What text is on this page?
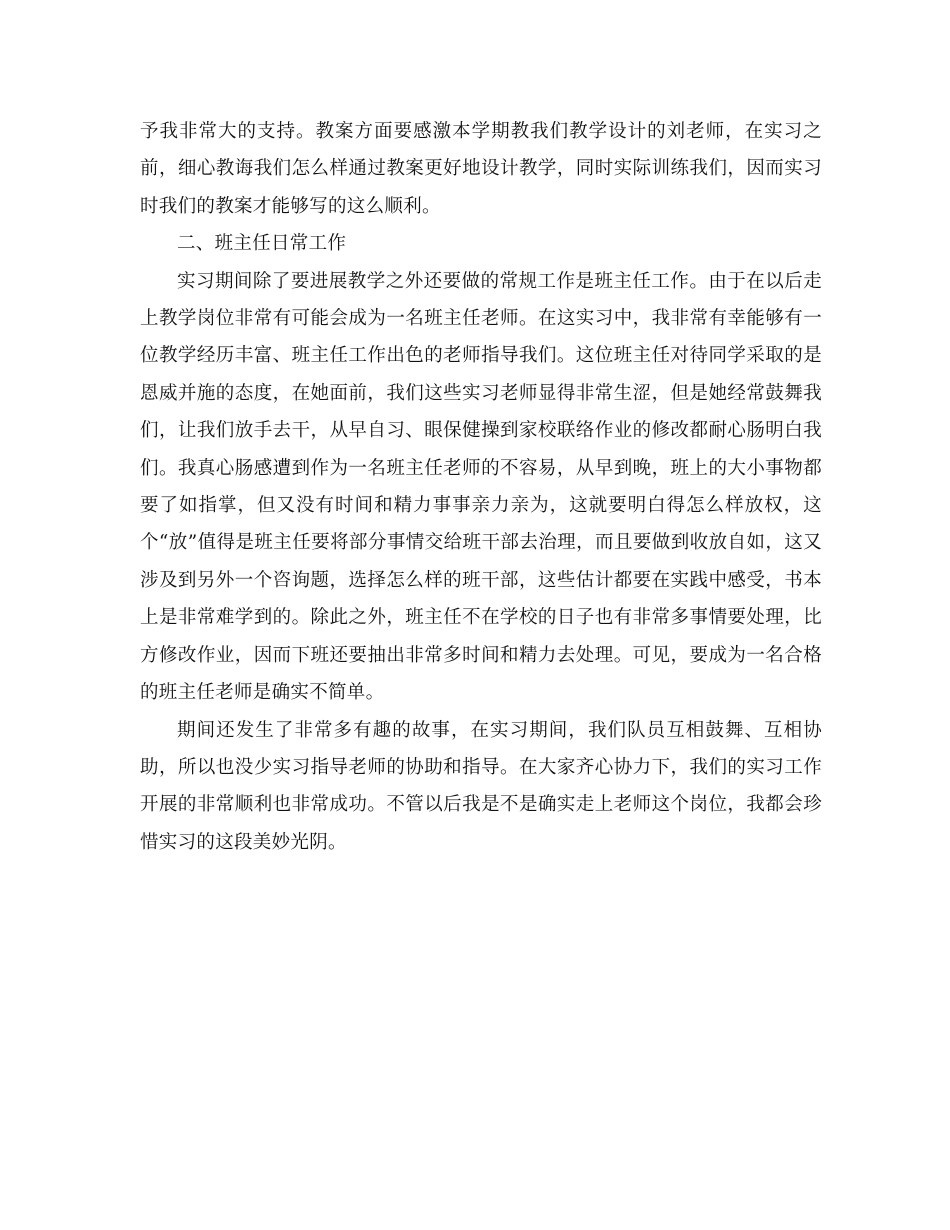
予我非常大的支持。教案方面要感激本学期教我们教学设计的刘老师，在实习之前，细心教诲我们怎么样通过教案更好地设计教学，同时实际训练我们，因而实习时我们的教案才能够写的这么顺利。

二、班主任日常工作

实习期间除了要进展教学之外还要做的常规工作是班主任工作。由于在以后走上教学岗位非常有可能会成为一名班主任老师。在这实习中，我非常有幸能够有一位教学经历丰富、班主任工作出色的老师指导我们。这位班主任对待同学采取的是恩威并施的态度，在她面前，我们这些实习老师显得非常生涩，但是她经常鼓舞我们，让我们放手去干，从早自习、眼保健操到家校联络作业的修改都耐心肠明白我们。我真心肠感遭到作为一名班主任老师的不容易，从早到晚，班上的大小事物都要了如指掌，但又没有时间和精力事事亲力亲为，这就要明白得怎么样放权，这个“放”值得是班主任要将部分事情交给班干部去治理，而且要做到收放自如，这又涉及到另外一个咨询题，选择怎么样的班干部，这些估计都要在实践中感受，书本上是非常难学到的。除此之外，班主任不在学校的日子也有非常多事情要处理，比方修改作业，因而下班还要抽出非常多时间和精力去处理。可见，要成为一名合格的班主任老师是确实不简单。

期间还发生了非常多有趣的故事，在实习期间，我们队员互相鼓舞、互相协助，所以也没少实习指导老师的协助和指导。在大家齐心协力下，我们的实习工作开展的非常顺利也非常成功。不管以后我是不是确实走上老师这个岗位，我都会珍惜实习的这段美妙光阴。
